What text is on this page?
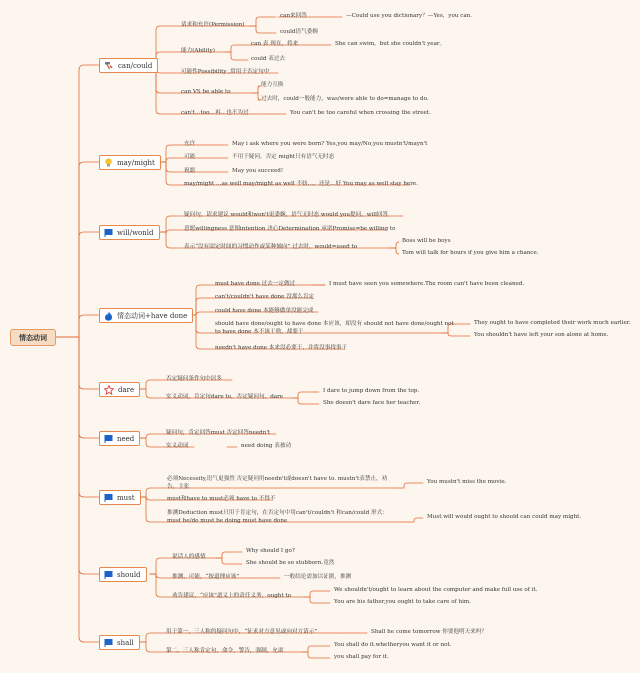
情态动词
can/could
may/might
will/wonld
情态动词+have done
dare
need
must
should
shall
请求和允许(Permission)
can来回答	—Could use you dictionary？—Yes，you can.
could语气委婉
能力(Ability)
can 表 现在，将来	She can swim，but she couldn't year。
could 表过去
可能性Possibility ,常用于否定句中
can VS be able to
能力互换
过去时，could一般能力，was/were able to do=manage to do.
can't…too…再…也不为过	You can't be too careful when crossing the street.
允许	May i ask where you were born? Yes,you may/No,you mustn't/mayn't
可能	不用于疑问，否定 might只有语气无时态
祝愿	May you succeed!
may/might …as well may/might as well 不妨…，还是…好 You may as well stay here.
疑问句，请求建议 would和won't更委婉，语气无时态 would you提问，will回答
意愿willingness 意图intention 决心Determination 承诺Promise=be willing to
表示“没有固定时间的习惯动作或某种倾向” 过去时，would=used to
Boss will be boys
Tom will talk for hours if you give him a chance.
must have done 过去一定做过	I must have seen you somewhere.The room can't have been cleaned.
can't/couldn't have done 没那么肯定
could have done 本能够做单没能完成
should have done/ought to have done 本应该，却没有 should not have done/ought not
to have done 本不该干啥，却要干
They ought to have completed their work much earlier.
You shouldn't have left your son alone at home.
needn't have done 本来没必要干，并将没事找事干
否定疑问条件句中居多
实义动词，肯定句dare to，否定疑问句，dare
I dare to jump down from the top.
She doesn't dare face her teacher.
疑问句，肯定回答must 否定回答needn't
实义动词	need doing 表被动
必须Necessity,语气更强烈 否定疑问用needn't或doesn't have to. mustn't表禁止，劝
告，主张
You mustn't miss the movie.
must和have to must必须 have to 不得不
推测Deduction must只用于肯定句，在否定句中用can't/couldn't 和can/could 形式：
must be/do must be doing must have done
Must will would ought to should can could may might.
说话人的感情
Why should I go?
She should be so stubborn.竟然
推测，可能，“按道理应该”	一般结论需加以证据，推测
劝告建议，“应该”道义上的责任义务，ought to
We shouldn't/ought to learn about the computer and make full use of it.
You are his father,you ought to take care of him.
用于第一，三人称的疑问句中，“征求对方意见或向对方请示”	Shall he come tomorrow 你要他明天来吗？
第二，三人称肯定句，命令，警告，强制，允诺
You shall do it.whetheryou want it or not.
you shall pay for it.
